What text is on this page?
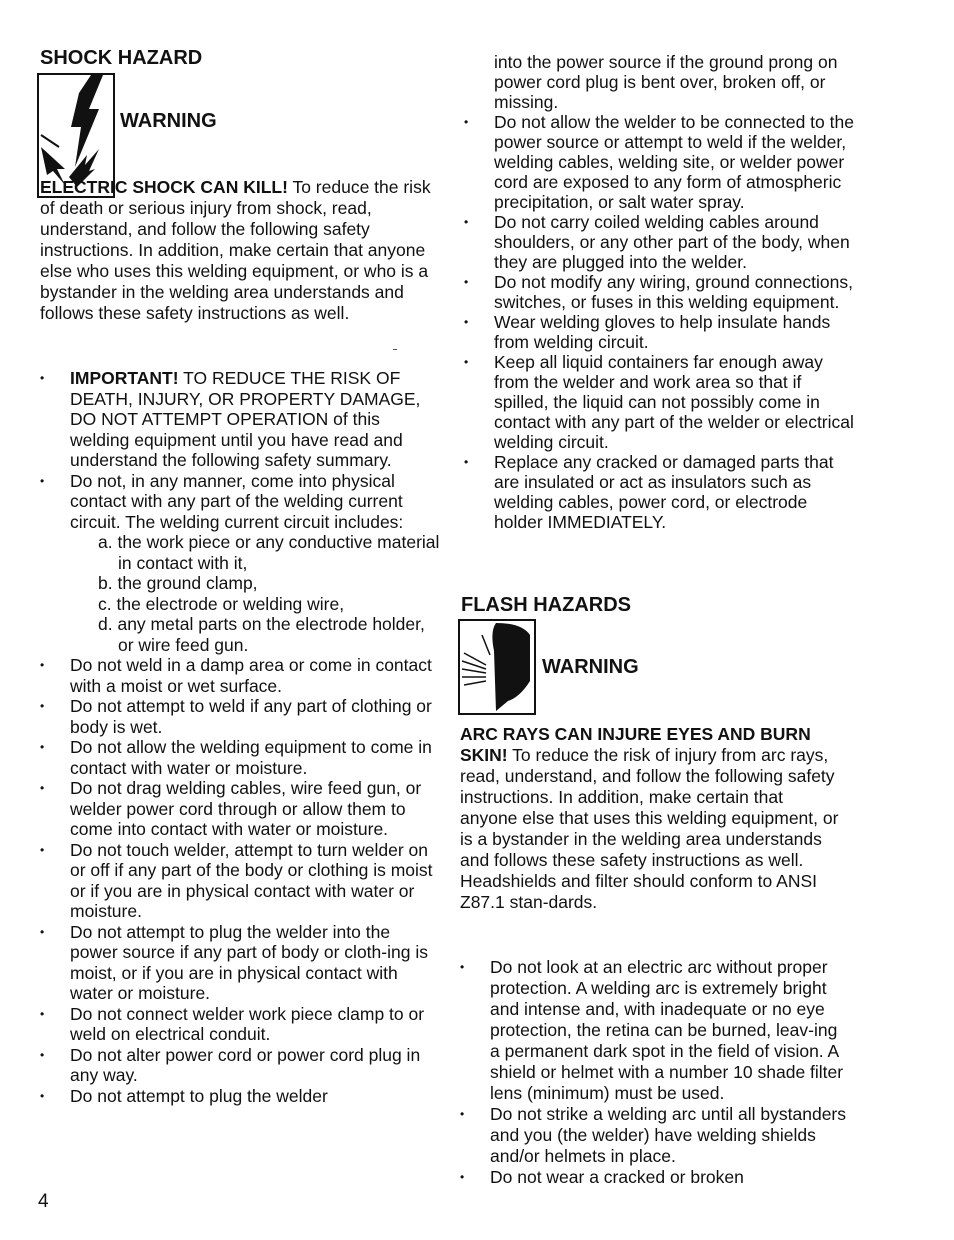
SHOCK HAZARD
WARNING
ELECTRIC SHOCK CAN KILL! To reduce the risk of death or serious injury from shock, read, understand, and follow the following safety instructions. In addition, make certain that anyone else who uses this welding equipment, or who is a bystander in the welding area understands and follows these safety instructions as well.
• IMPORTANT! TO REDUCE THE RISK OF DEATH, INJURY, OR PROPERTY DAMAGE, DO NOT ATTEMPT OPERATION of this welding equipment until you have read and understand the following safety summary.
• Do not, in any manner, come into physical contact with any part of the welding current circuit. The welding current circuit includes:
a. the work piece or any conductive material in contact with it,
b. the ground clamp,
c. the electrode or welding wire,
d. any metal parts on the electrode holder, or wire feed gun.
• Do not weld in a damp area or come in contact with a moist or wet surface.
• Do not attempt to weld if any part of clothing or body is wet.
• Do not allow the welding equipment to come in contact with water or moisture.
• Do not drag welding cables, wire feed gun, or welder power cord through or allow them to come into contact with water or moisture.
• Do not touch welder, attempt to turn welder on or off if any part of the body or clothing is moist or if you are in physical contact with water or moisture.
• Do not attempt to plug the welder into the power source if any part of body or cloth-ing is moist, or if you are in physical contact with water or moisture.
• Do not connect welder work piece clamp to or weld on electrical conduit.
• Do not alter power cord or power cord plug in any way.
• Do not attempt to plug the welder
4
into the power source if the ground prong on power cord plug is bent over, broken off, or missing.
• Do not allow the welder to be connected to the power source or attempt to weld if the welder, welding cables, welding site, or welder power cord are exposed to any form of atmospheric precipitation, or salt water spray.
• Do not carry coiled welding cables around shoulders, or any other part of the body, when they are plugged into the welder.
• Do not modify any wiring, ground connections, switches, or fuses in this welding equipment.
• Wear welding gloves to help insulate hands from welding circuit.
• Keep all liquid containers far enough away from the welder and work area so that if spilled, the liquid can not possibly come in contact with any part of the welder or electrical welding circuit.
• Replace any cracked or damaged parts that are insulated or act as insulators such as welding cables, power cord, or electrode holder IMMEDIATELY.
FLASH HAZARDS
WARNING
ARC RAYS CAN INJURE EYES AND BURN SKIN! To reduce the risk of injury from arc rays, read, understand, and follow the following safety instructions. In addition, make certain that anyone else that uses this welding equipment, or is a bystander in the welding area understands and follows these safety instructions as well. Headshields and filter should conform to ANSI Z87.1 stan-dards.
• Do not look at an electric arc without proper protection. A welding arc is extremely bright and intense and, with inadequate or no eye protection, the retina can be burned, leav-ing a permanent dark spot in the field of vision. A shield or helmet with a number 10 shade filter lens (minimum) must be used.
• Do not strike a welding arc until all bystanders and you (the welder) have welding shields and/or helmets in place.
• Do not wear a cracked or broken
